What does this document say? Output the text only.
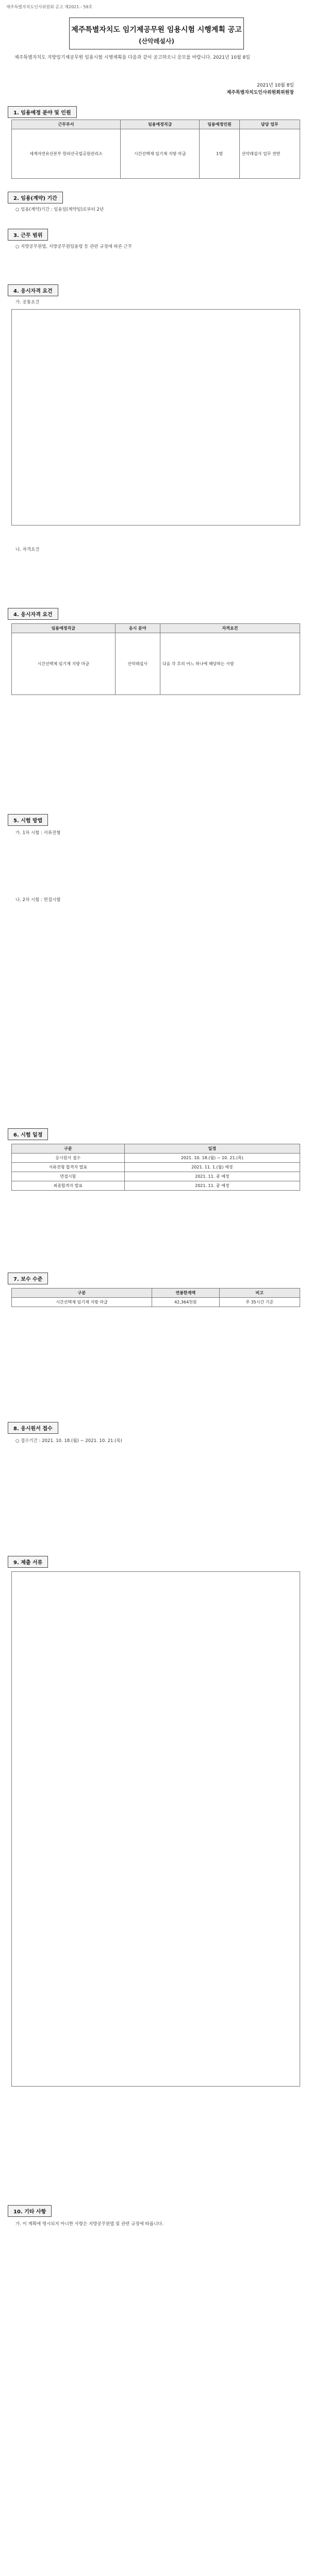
제주특별자치도인사위원회 공고 제2021 - 59호
제주특별자치도 임기제공무원 임용시험 시행계획 공고
(산악레설사)
제주특별자치도 지방임기제공무원 임용시험 시행계획을 다음과 같이 공고하오니 응모를 바랍니다. 2021년 10월 8일
2021년 10월 8일
제주특별자치도인사위원회위원장
1. 임용예정 분야 및 인원
근무부서	임용예정직급	임용예정인원	담당 업무
세계자연유산본부 한라산국립공원관리소	시간선택제 임기제 지방 마급	1명	산악레설사 업무 전반
2. 임용(계약) 기간
○ 임용(계약)기간 : 임용일(계약일)로부터 2년
3. 근무 범위
○ 지방공무원법, 지방공무원임용령 등 관련 규정에 따른 근무
4. 응시자격 요건
가. 공통요건
나. 자격요건
4. 응시자격 요건
임용예정직급	응시 분야	자격요건
시간선택제 임기제 지방 마급	산악레설사	다음 각 호의 어느 하나에 해당하는 사람
5. 시험 방법
가. 1차 시험 : 서류전형
나. 2차 시험 : 면접시험
6. 시험 일정
구분	일정
응시원서 접수	2021. 10. 18.(월) ~ 10. 21.(목)
서류전형 합격자 발표	2021. 11. 1.(월) 예정
면접시험	2021. 11. 중 예정
최종합격자 발표	2021. 11. 중 예정
7. 보수 수준
구분	연봉한계액	비고
시간선택제 임기제 지방 마급	42,364천원	주 35시간 기준
8. 응시원서 접수
○ 접수기간 : 2021. 10. 18.(월) ~ 2021. 10. 21.(목)
9. 제출 서류
10. 기타 사항
가. 이 계획에 명시되지 아니한 사항은 지방공무원법 및 관련 규정에 따릅니다.
